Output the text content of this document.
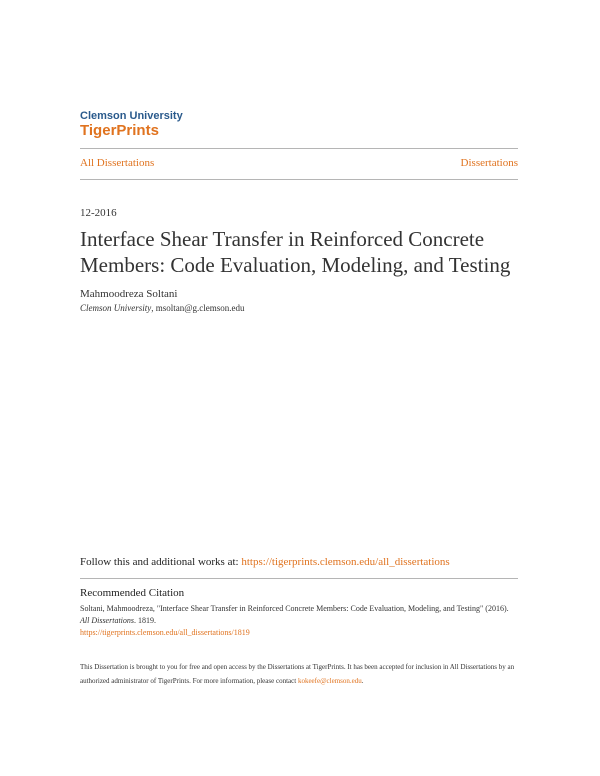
Clemson University
TigerPrints
All Dissertations	Dissertations
12-2016
Interface Shear Transfer in Reinforced Concrete
Members: Code Evaluation, Modeling, and Testing
Mahmoodreza Soltani
Clemson University, msoltan@g.clemson.edu
Follow this and additional works at: https://tigerprints.clemson.edu/all_dissertations
Recommended Citation
Soltani, Mahmoodreza, "Interface Shear Transfer in Reinforced Concrete Members: Code Evaluation, Modeling, and Testing" (2016).
All Dissertations. 1819.
https://tigerprints.clemson.edu/all_dissertations/1819
This Dissertation is brought to you for free and open access by the Dissertations at TigerPrints. It has been accepted for inclusion in All Dissertations by an authorized administrator of TigerPrints. For more information, please contact kokeefe@clemson.edu.
